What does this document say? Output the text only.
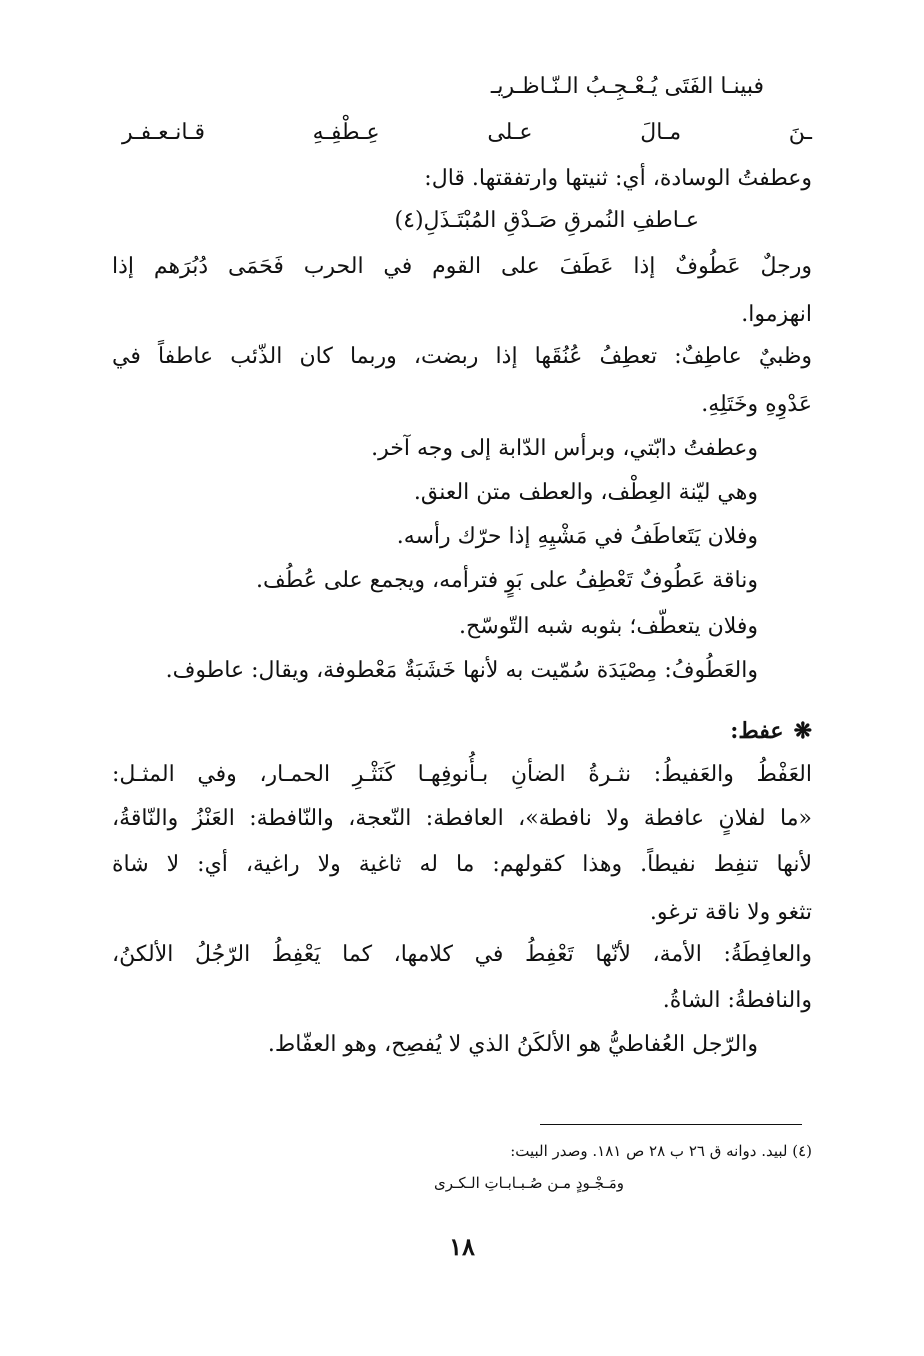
فبينـا الفَتَى يُـعْـجِـبُ الـنّـاظـريـ
ـنَ مـالَ عـلى عِـطْفِـهِ قـانـعـفـر
وعطفتُ الوسادة، أي: ثنيتها وارتفقتها. قال:
عـاطفِ النُمرقِ صَـدْقِ المُبْتَـذَلِ(٤)
ورجلٌ عَطُوفٌ إذا عَطَفَ على القوم في الحرب فَحَمَى دُبُرَهم إذا
انهزموا.
وظبيٌ عاطِفٌ: تعطِفُ عُنُقَها إذا ربضت، وربما كان الذّئب عاطفاً في
عَدْوِهِ وخَتَلِهِ.
وعطفتُ دابّتي، وبرأس الدّابة إلى وجه آخر.
وهي ليّنة العِطْف، والعطف متن العنق.
وفلان يَتَعاطَفُ في مَشْيِهِ إذا حرّك رأسه.
وناقة عَطُوفٌ تَعْطِفُ على بَوٍ فترأمه، ويجمع على عُطُف.
وفلان يتعطّف؛ بثوبه شبه التّوسّح.
والعَطُوفُ: مِصْيَدَة سُمّيت به لأنها خَشَبَةٌ مَعْطوفة، ويقال: عاطوف.
❋عفط:
العَفْطُ والعَفيطُ: نثـرةُ الضأنِ بـأُنوفِهـا كَنَثْـرِ الحمـار، وفي المثـل:
«ما لفلانٍ عافطة ولا نافطة»، العافطة: النّعجة، والنّافطة: العَنْزُ والنّاقةُ،
لأنها تنفِط نفيطاً. وهذا كقولهم: ما له ثاغية ولا راغية، أي: لا شاة
تثغو ولا ناقة ترغو.
والعافِطَةُ: الأمة، لأنّها تَعْفِطُ في كلامها، كما يَعْفِطُ الرّجُلُ الألكنُ،
والنافطةُ: الشاةُ.
والرّجل العُفاطيُّ هو الألكَنُ الذي لا يُفصِح، وهو العفّاط.
(٤) لبيد. دوانه ق ٢٦ ب ٢٨ ص ١٨١. وصدر البيت:
ومَـجْـودٍ مـن صُـبـابـاتِ الـكـرى
١٨
